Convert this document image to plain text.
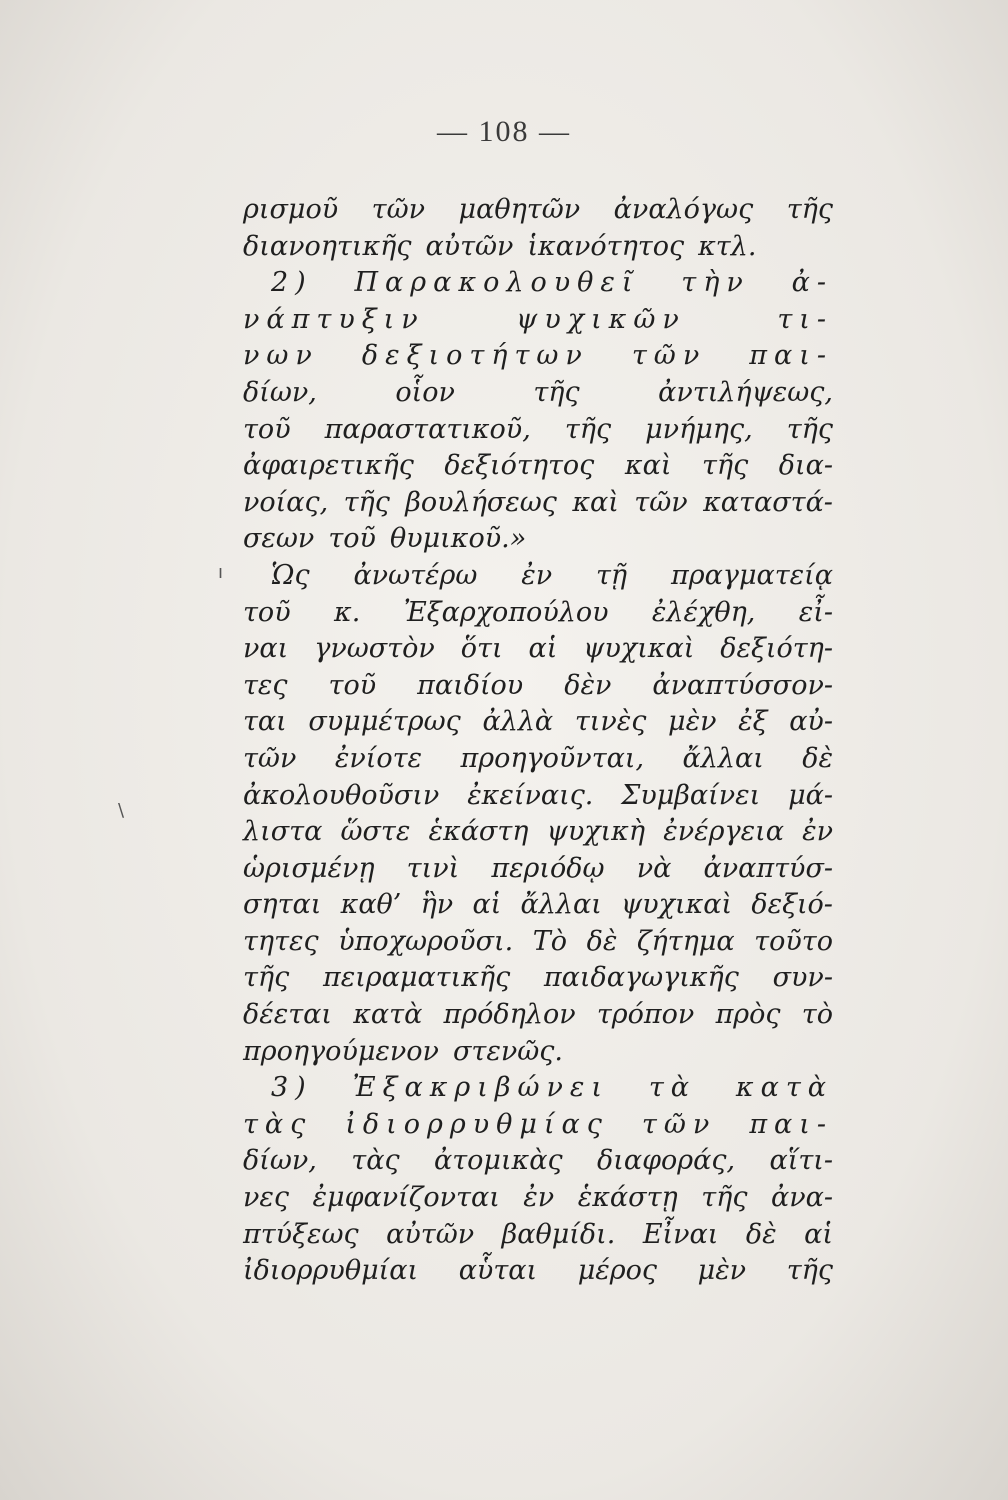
— 108 —
ρισμοῦ τῶν μαθητῶν ἀναλόγως τῆς
διανοητικῆς αὐτῶν ἱκανότητος κτλ.
2) Παρακολουθεῖ τὴν ἀ-
νάπτυξιν	ψυχικῶν	τι-
νων δεξιοτήτων τῶν παι-
δίων,	οἷον	τῆς	ἀντιλήψεως,
τοῦ παραστατικοῦ, τῆς μνήμης, τῆς
ἀφαιρετικῆς δεξιότητος καὶ τῆς δια-
νοίας, τῆς βουλήσεως καὶ τῶν καταστά-
σεων τοῦ θυμικοῦ.»
Ὡς ἀνωτέρω ἐν τῇ πραγματείᾳ
τοῦ κ. Ἐξαρχοπούλου ἐλέχθη, εἶ-
ναι γνωστὸν ὅτι αἱ ψυχικαὶ δεξιότη-
τες τοῦ παιδίου δὲν ἀναπτύσσον-
ται συμμέτρως ἀλλὰ τινὲς μὲν ἐξ αὐ-
τῶν ἐνίοτε προηγοῦνται, ἄλλαι δὲ
ἀκολουθοῦσιν ἐκείναις. Συμβαίνει μά-
λιστα ὥστε ἑκάστη ψυχικὴ ἐνέργεια ἐν
ὡρισμένῃ τινὶ περιόδῳ νὰ ἀναπτύσ-
σηται καθ’ ἣν αἱ ἄλλαι ψυχικαὶ δεξιό-
τητες ὑποχωροῦσι. Τὸ δὲ ζήτημα τοῦτο
τῆς πειραματικῆς παιδαγωγικῆς συν-
δέεται κατὰ πρόδηλον τρόπον πρὸς τὸ
προηγούμενον στενῶς.
3) Ἐξακριβώνει τὰ κατὰ
τὰς ἰδιορρυθμίας τῶν παι-
δίων, τὰς ἀτομικὰς διαφοράς, αἵτι-
νες ἐμφανίζονται ἐν ἑκάστῃ τῆς ἀνα-
πτύξεως αὐτῶν βαθμίδι. Εἶναι δὲ αἱ
ἰδιορρυθμίαι αὗται μέρος μὲν τῆς
ı
\
